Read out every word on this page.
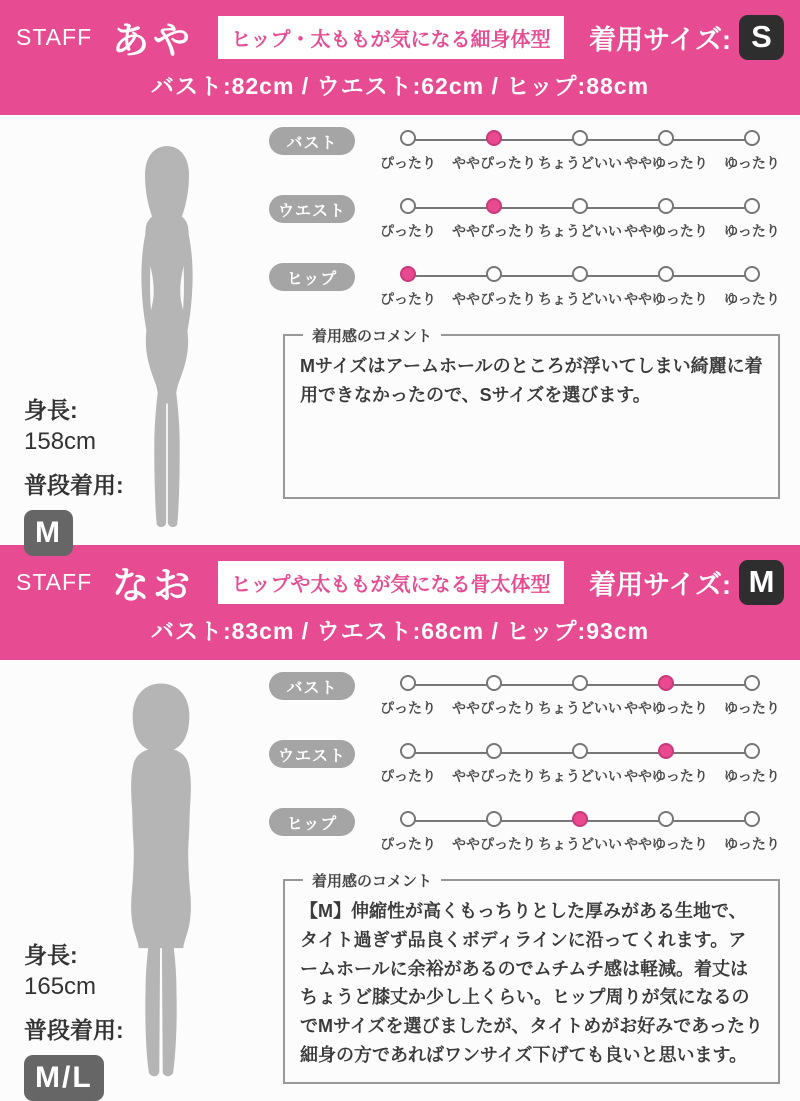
STAFF あや	ヒップ・太ももが気になる細身体型	着用サイズ: S
バスト:82cm / ウエスト:62cm / ヒップ:88cm
身長:
158cm
普段着用:
M
バスト
ぴったり ややぴったり ちょうどいい ややゆったり ゆったり
ウエスト
ぴったり ややぴったり ちょうどいい ややゆったり ゆったり
ヒップ
ぴったり ややぴったり ちょうどいい ややゆったり ゆったり
着用感のコメント
Mサイズはアームホールのところが浮いてしまい綺麗に着用できなかったので、Sサイズを選びます。
STAFF なお	ヒップや太ももが気になる骨太体型	着用サイズ: M
バスト:83cm / ウエスト:68cm / ヒップ:93cm
身長:
165cm
普段着用:
M/L
バスト
ぴったり ややぴったり ちょうどいい ややゆったり ゆったり
ウエスト
ぴったり ややぴったり ちょうどいい ややゆったり ゆったり
ヒップ
ぴったり ややぴったり ちょうどいい ややゆったり ゆったり
着用感のコメント
【M】伸縮性が高くもっちりとした厚みがある生地で、タイト過ぎず品良くボディラインに沿ってくれます。アームホールに余裕があるのでムチムチ感は軽減。着丈はちょうど膝丈か少し上くらい。ヒップ周りが気になるのでMサイズを選びましたが、タイトめがお好みであったり細身の方であればワンサイズ下げても良いと思います。
